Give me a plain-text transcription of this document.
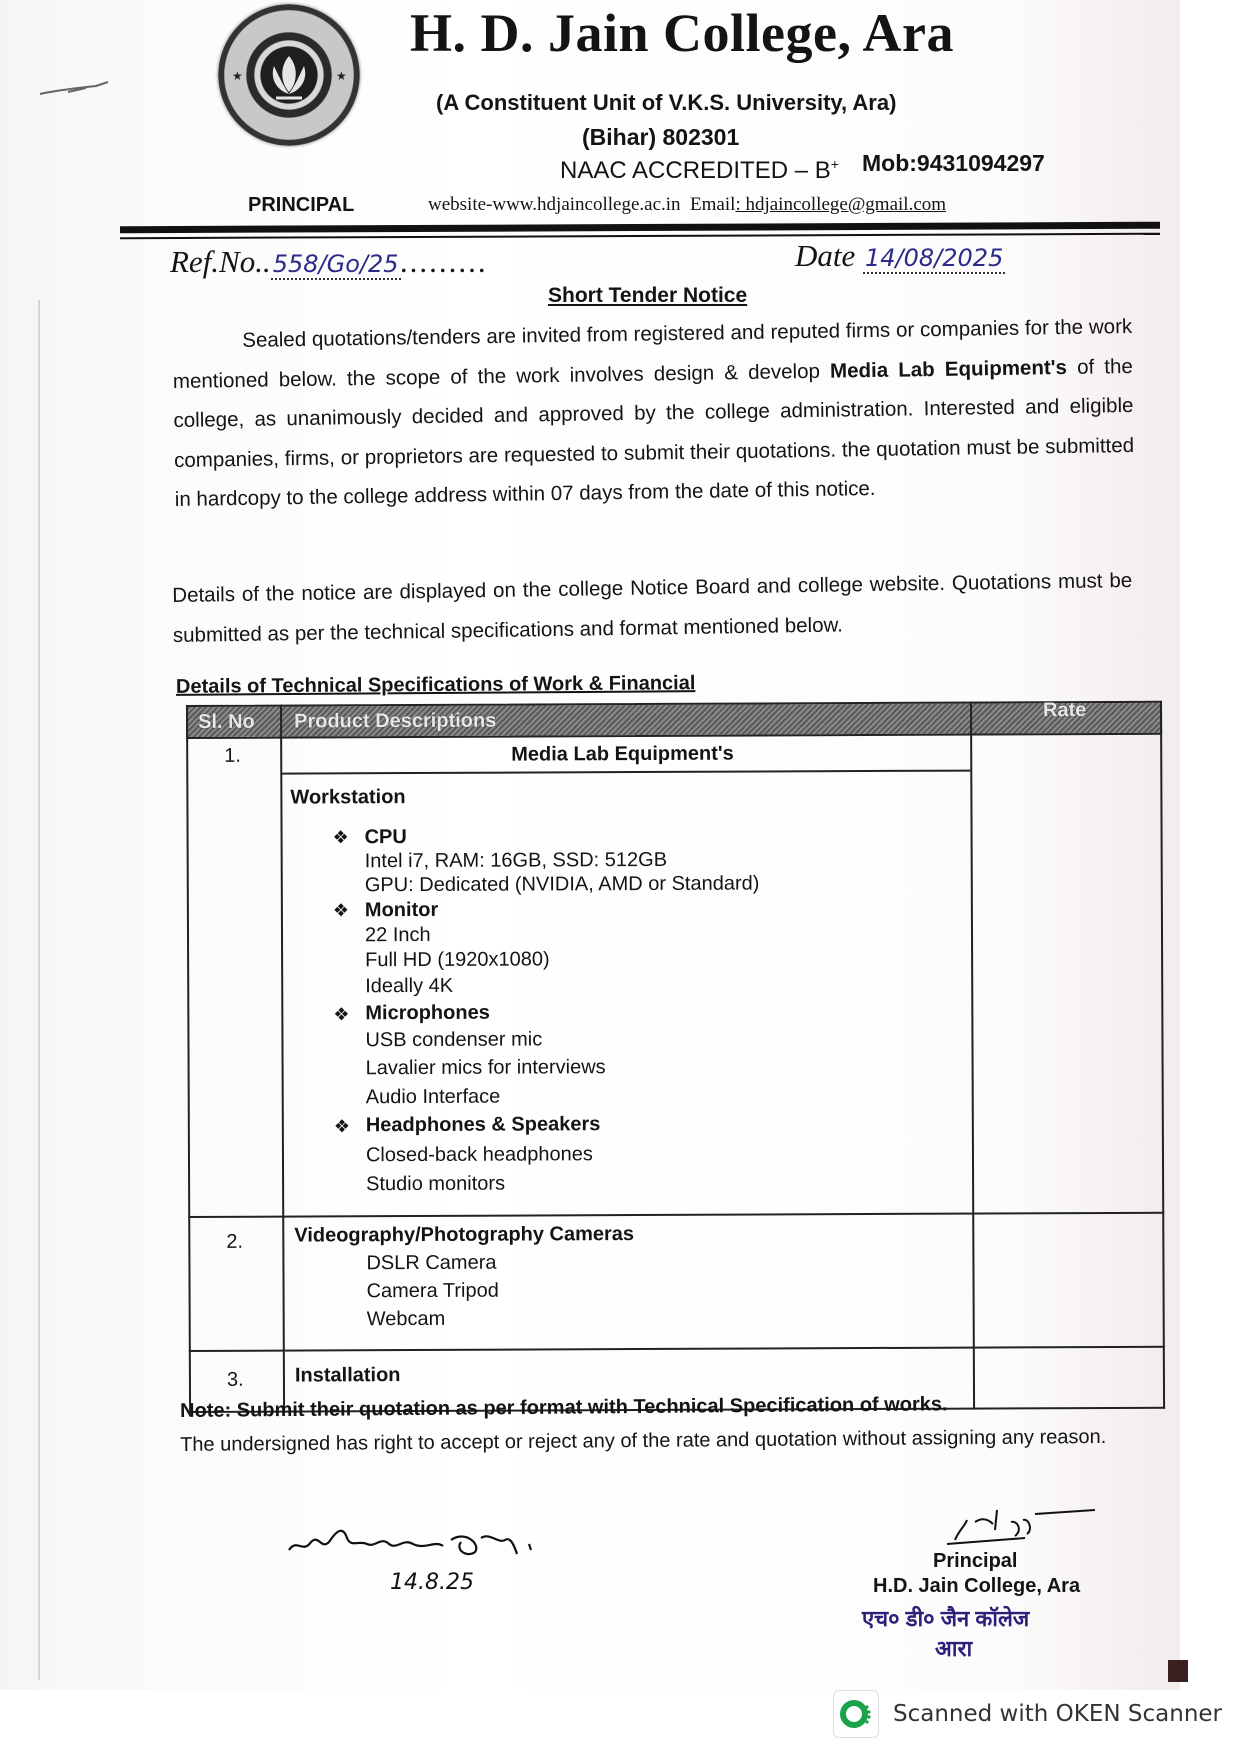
★	★
H. D. Jain College, Ara
(A Constituent Unit of V.K.S. University, Ara)
(Bihar) 802301
NAAC ACCREDITED – B+ Mob:9431094297
PRINCIPAL	website-www.hdjaincollege.ac.in Email: hdjaincollege@gmail.com
Ref.No..558/Go/25.........	Date 14/08/2025
Short Tender Notice
Sealed quotations/tenders are invited from registered and reputed firms or companies for the work mentioned below. the scope of the work involves design & develop Media Lab Equipment's of the college, as unanimously decided and approved by the college administration. Interested and eligible companies, firms, or proprietors are requested to submit their quotations. the quotation must be submitted in hardcopy to the college address within 07 days from the date of this notice.
Details of the notice are displayed on the college Notice Board and college website. Quotations must be submitted as per the technical specifications and format mentioned below.
Details of Technical Specifications of Work & Financial
Sl. No Product Descriptions	Rate
1.	Media Lab Equipment's
Workstation
❖ CPU
Intel i7, RAM: 16GB, SSD: 512GB
GPU: Dedicated (NVIDIA, AMD or Standard)
❖ Monitor
22 Inch
Full HD (1920x1080)
Ideally 4K
❖ Microphones
USB condenser mic
Lavalier mics for interviews
Audio Interface
❖ Headphones & Speakers
Closed-back headphones
Studio monitors
2.	Videography/Photography Cameras
DSLR Camera
Camera Tripod
Webcam
3.	Installation
Note: Submit their quotation as per format with Technical Specification of works.
The undersigned has right to accept or reject any of the rate and quotation without assigning any reason.
14.8.25
Principal
H.D. Jain College, Ara
एच० डी० जैन कॉलेज
आरा
Scanned with OKEN Scanner
